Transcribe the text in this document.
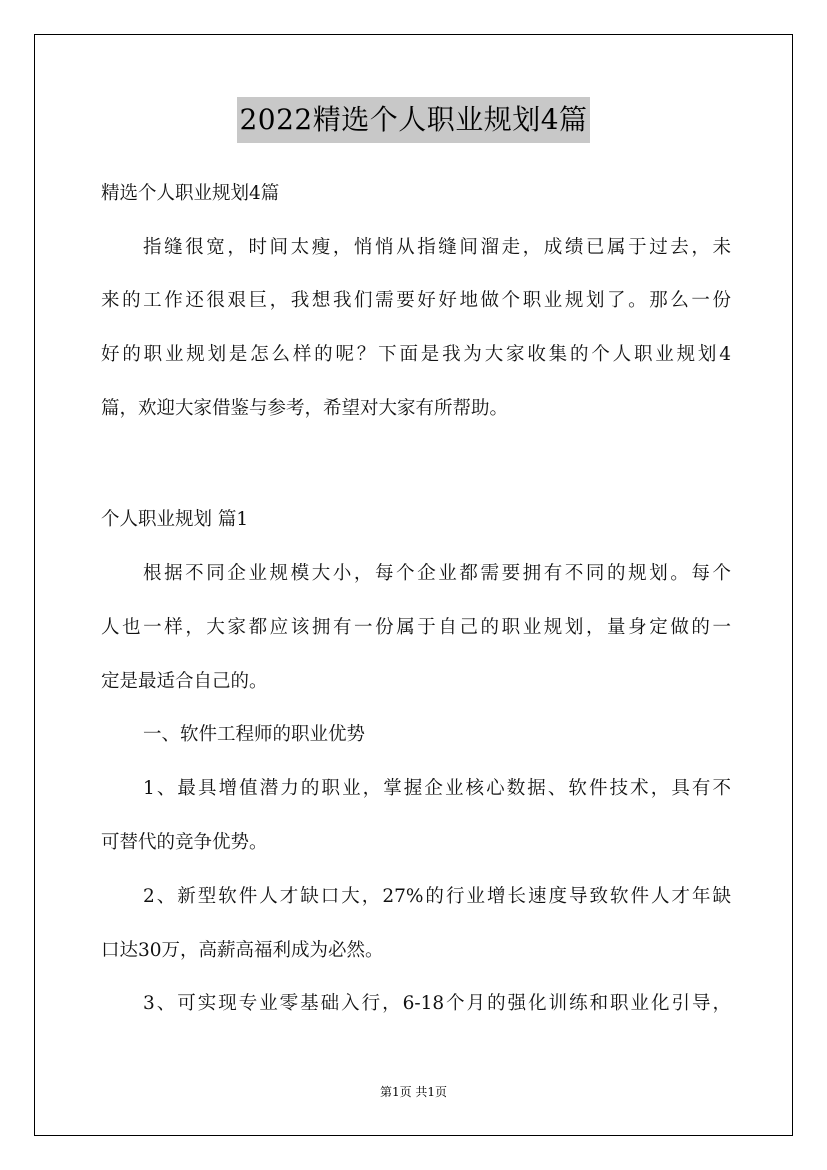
2022精选个人职业规划4篇
精选个人职业规划4篇
指缝很宽，时间太瘦，悄悄从指缝间溜走，成绩已属于过去，未
来的工作还很艰巨，我想我们需要好好地做个职业规划了。那么一份
好的职业规划是怎么样的呢？下面是我为大家收集的个人职业规划4
篇，欢迎大家借鉴与参考，希望对大家有所帮助。
个人职业规划 篇1
根据不同企业规模大小，每个企业都需要拥有不同的规划。每个
人也一样，大家都应该拥有一份属于自己的职业规划，量身定做的一
定是最适合自己的。
一、软件工程师的职业优势
1、最具增值潜力的职业，掌握企业核心数据、软件技术，具有不
可替代的竞争优势。
2、新型软件人才缺口大，27%的行业增长速度导致软件人才年缺
口达30万，高薪高福利成为必然。
3、可实现专业零基础入行，6-18个月的强化训练和职业化引导，
第1页 共1页
